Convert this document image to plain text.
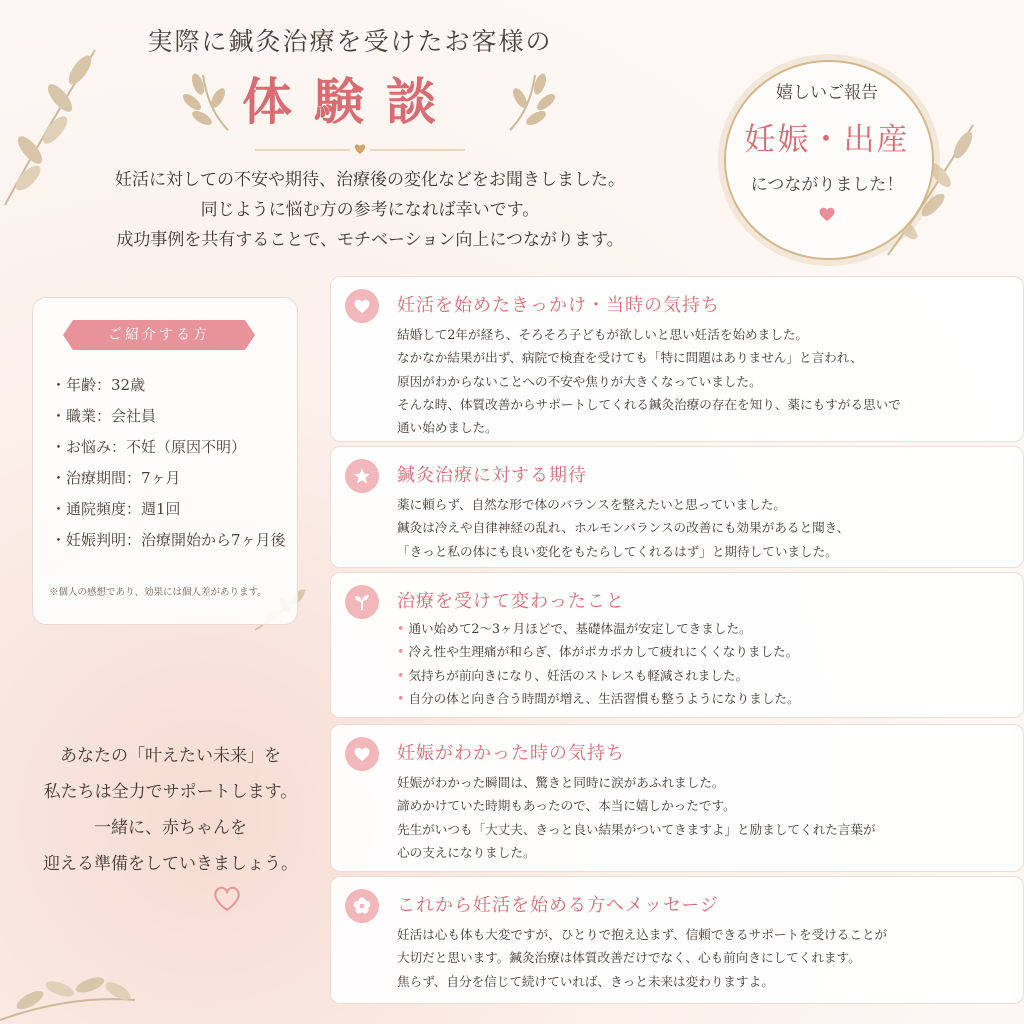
実際に鍼灸治療を受けたお客様の
体験談
妊活に対しての不安や期待、治療後の変化などをお聞きしました。
同じように悩む方の参考になれば幸いです。
成功事例を共有することで、モチベーション向上につながります。
嬉しいご報告
妊娠・出産
につながりました！
ご紹介する方
・年齢：32歳
・職業：会社員
・お悩み：不妊（原因不明）
・治療期間：7ヶ月
・通院頻度：週1回
・妊娠判明：治療開始から7ヶ月後
※個人の感想であり、効果には個人差があります。
あなたの「叶えたい未来」を
私たちは全力でサポートします。
一緒に、赤ちゃんを
迎える準備をしていきましょう。
妊活を始めたきっかけ・当時の気持ち
結婚して2年が経ち、そろそろ子どもが欲しいと思い妊活を始めました。
なかなか結果が出ず、病院で検査を受けても「特に問題はありません」と言われ、
原因がわからないことへの不安や焦りが大きくなっていました。
そんな時、体質改善からサポートしてくれる鍼灸治療の存在を知り、薬にもすがる思いで
通い始めました。
鍼灸治療に対する期待
薬に頼らず、自然な形で体のバランスを整えたいと思っていました。
鍼灸は冷えや自律神経の乱れ、ホルモンバランスの改善にも効果があると聞き、
「きっと私の体にも良い変化をもたらしてくれるはず」と期待していました。
治療を受けて変わったこと
• 通い始めて2〜3ヶ月ほどで、基礎体温が安定してきました。
• 冷え性や生理痛が和らぎ、体がポカポカして疲れにくくなりました。
• 気持ちが前向きになり、妊活のストレスも軽減されました。
• 自分の体と向き合う時間が増え、生活習慣も整うようになりました。
妊娠がわかった時の気持ち
妊娠がわかった瞬間は、驚きと同時に涙があふれました。
諦めかけていた時期もあったので、本当に嬉しかったです。
先生がいつも「大丈夫、きっと良い結果がついてきますよ」と励ましてくれた言葉が
心の支えになりました。
これから妊活を始める方へメッセージ
妊活は心も体も大変ですが、ひとりで抱え込まず、信頼できるサポートを受けることが
大切だと思います。鍼灸治療は体質改善だけでなく、心も前向きにしてくれます。
焦らず、自分を信じて続けていれば、きっと未来は変わりますよ。
